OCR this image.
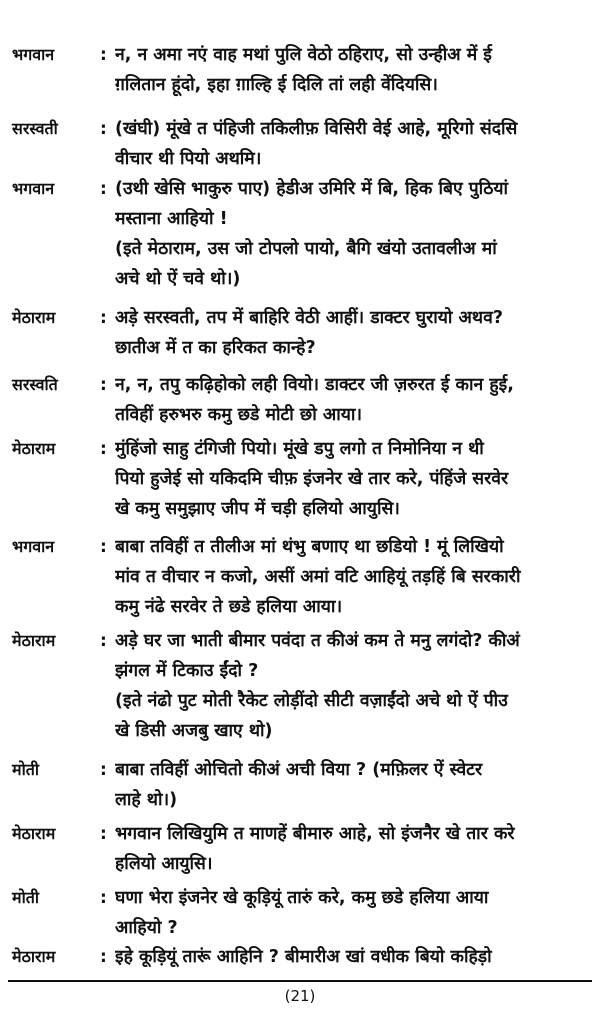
भगवान	: न, न अमा नएं वाह मथां पुलि वेठो ठहिराए, सो उन्हीअ में ई
ग़लितान हूंदो, इहा ग़ाल्हि ई दिलि तां लही वेंदियसि।
सरस्वती : (खंघी) मूंखे त पंहिजी तकिलीफ़ विसिरी वेई आहे, मूरिगो संदसि
वीचार थी पियो अथमि।
भगवान	: (उथी खेसि भाकुरु पाए) हेडीअ उमिरि में बि, हिक बिए पुठियां
मस्ताना आहियो !
(इते मेठाराम, उस जो टोपलो पायो, बैगि खंयो उतावलीअ मां
अचे थो ऐं चवे थो।)
मेठाराम	: अड़े सरस्वती, तप में बाहिरि वेठी आहीं। डाक्टर घुरायो अथव?
छातीअ में त का हरिकत कान्हे?
सरस्वति : न, न, तपु कढ़िहोको लही वियो। डाक्टर जी ज़रुरत ई कान हुई,
तविहीं हरुभरु कमु छडे मोटी छो आया।
मेठाराम	: मुंहिंजो साहु टंगिजी पियो। मूंखे डपु लगो त निमोनिया न थी
पियो हुजेई सो यकिदमि चीफ़ इंजनेर खे तार करे, पंहिंजे सरवेर
खे कमु समुझाए जीप में चड़ी हलियो आयुसि।
भगवान	: बाबा तविहीं त तीलीअ मां थंभु बणाए था छडियो ! मूं लिखियो
मांव त वीचार न कजो, असीं अमां वटि आहियूं तड़हिं बि सरकारी
कमु नंढे सरवेर ते छडे हलिया आया।
मेठाराम	: अड़े घर जा भाती बीमार पवंदा त कीअं कम ते मनु लगंदो? कीअं
झंगल में टिकाउ ईंदो ?
(इते नंढो पुट मोती रैकेट लोड़ींदो सीटी वज़ाईंदो अचे थो ऐं पीउ
खे डिसी अजबु खाए थो)
मोती	: बाबा तविहीं ओचितो कीअं अची विया ? (मफ़िलर ऐं स्वेटर
लाहे थो।)
मेठाराम	: भगवान लिखियुमि त माणहें बीमारु आहे, सो इंजनैर खे तार करे
हलियो आयुसि।
मोती	: घणा भेरा इंजनेर खे कूड़ियूं तारुं करे, कमु छडे हलिया आया
आहियो ?
मेठाराम	: इहे कूड़ियूं तारूं आहिनि ? बीमारीअ खां वधीक बियो कहिड़ो
(21)
